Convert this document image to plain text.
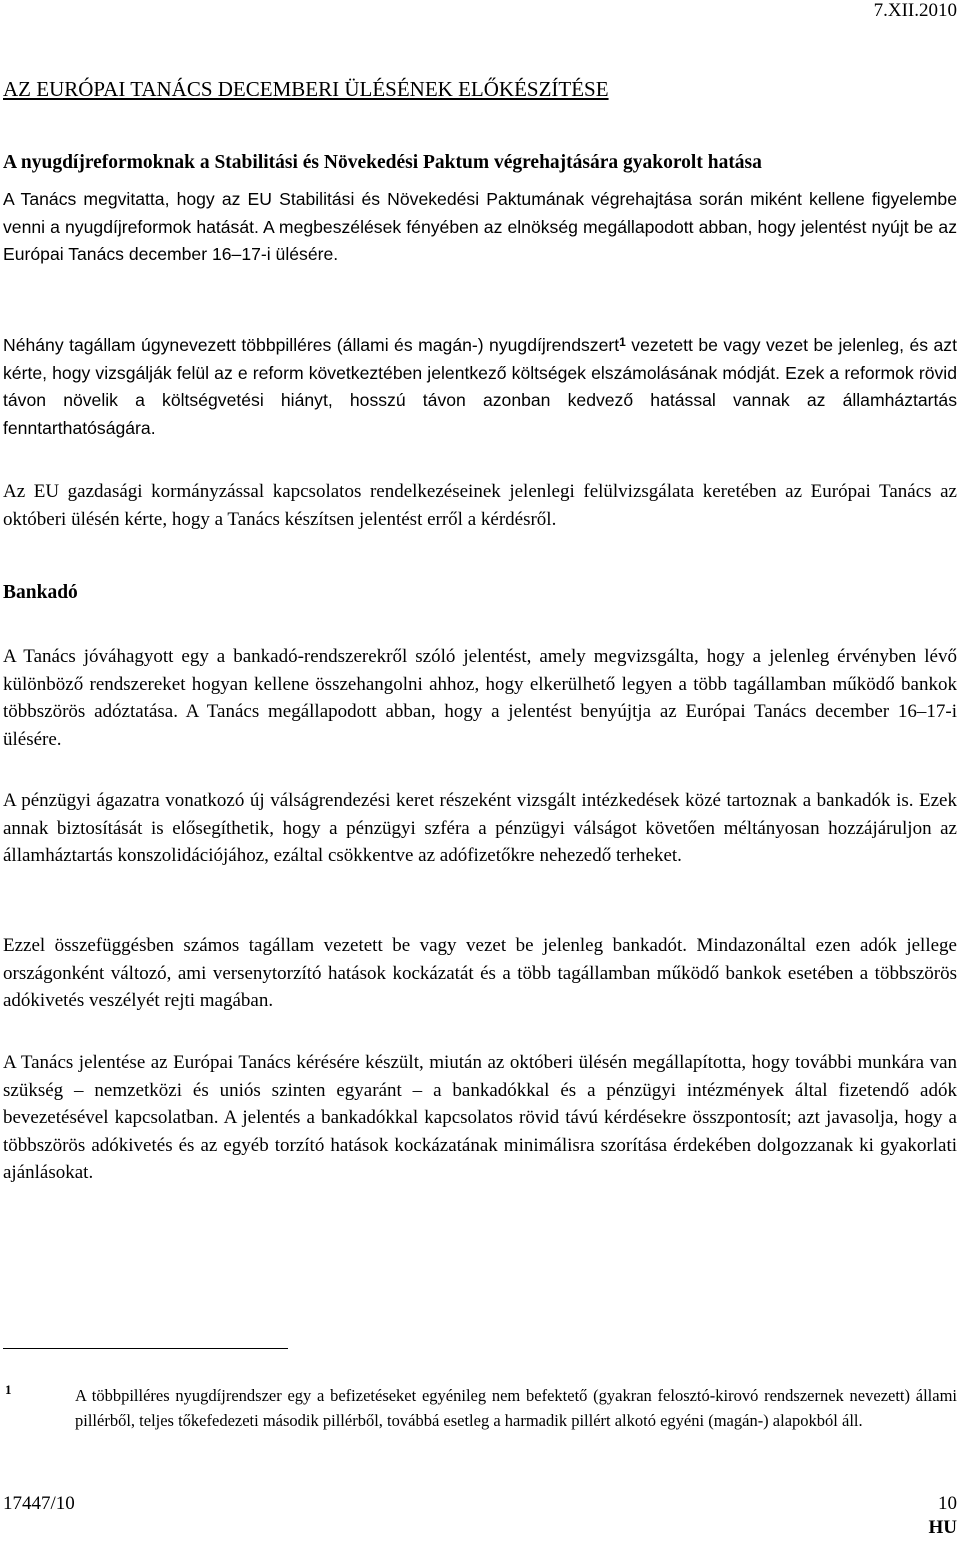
7.XII.2010
AZ EURÓPAI TANÁCS DECEMBERI ÜLÉSÉNEK ELŐKÉSZÍTÉSE
A nyugdíjreformoknak a Stabilitási és Növekedési Paktum végrehajtására gyakorolt hatása

A Tanács megvitatta, hogy az EU Stabilitási és Növekedési Paktumának végrehajtása során miként kellene figyelembe venni a nyugdíjreformok hatását. A megbeszélések fényében az elnökség megállapodott abban, hogy jelentést nyújt be az Európai Tanács december 16–17-i ülésére.

Néhány tagállam úgynevezett többpilléres (állami és magán-) nyugdíjrendszert$^1$ vezetett be vagy vezet be jelenleg, és azt kérte, hogy vizsgálják felül az e reform következtében jelentkező költségek elszámolásának módját. Ezek a reformok rövid távon növelik a költségvetési hiányt, hosszú távon azonban kedvező hatással vannak az államháztartás fenntarthatóságára.

Az EU gazdasági kormányzással kapcsolatos rendelkezéseinek jelenlegi felülvizsgálata keretében az Európai Tanács az októberi ülésén kérte, hogy a Tanács készítsen jelentést erről a kérdésről.

Bankadó

A Tanács jóváhagyott egy a bankadó-rendszerekről szóló jelentést, amely megvizsgálta, hogy a jelenleg érvényben lévő különböző rendszereket hogyan kellene összehangolni ahhoz, hogy elkerülhető legyen a több tagállamban működő bankok többszörös adóztatása. A Tanács megállapodott abban, hogy a jelentést benyújtja az Európai Tanács december 16–17-i ülésére.

A pénzügyi ágazatra vonatkozó új válságrendezési keret részeként vizsgált intézkedések közé tartoznak a bankadók is. Ezek annak biztosítását is elősegíthetik, hogy a pénzügyi szféra a pénzügyi válságot követően méltányosan hozzájáruljon az államháztartás konszolidációjához, ezáltal csökkentve az adófizetőkre nehezedő terheket.

Ezzel összefüggésben számos tagállam vezetett be vagy vezet be jelenleg bankadót. Mindazonáltal ezen adók jellege országonként változó, ami versenytorzító hatások kockázatát és a több tagállamban működő bankok esetében a többszörös adókivetés veszélyét rejti magában.

A Tanács jelentése az Európai Tanács kérésére készült, miután az októberi ülésén megállapította, hogy további munkára van szükség – nemzetközi és uniós szinten egyaránt – a bankadókkal és a pénzügyi intézmények által fizetendő adók bevezetésével kapcsolatban. A jelentés a bankadókkal kapcsolatos rövid távú kérdésekre összpontosít; azt javasolja, hogy a többszörös adókivetés és az egyéb torzító hatások kockázatának minimálisra szorítása érdekében dolgozzanak ki gyakorlati ajánlásokat.

1	A többpilléres nyugdíjrendszer egy a befizetéseket egyénileg nem befektető (gyakran felosztó-kirovó rendszernek nevezett) állami pillérből, teljes tőkefedezeti második pillérből, továbbá esetleg a harmadik pillért alkotó egyéni (magán-) alapokból áll.

17447/10	10
HU
